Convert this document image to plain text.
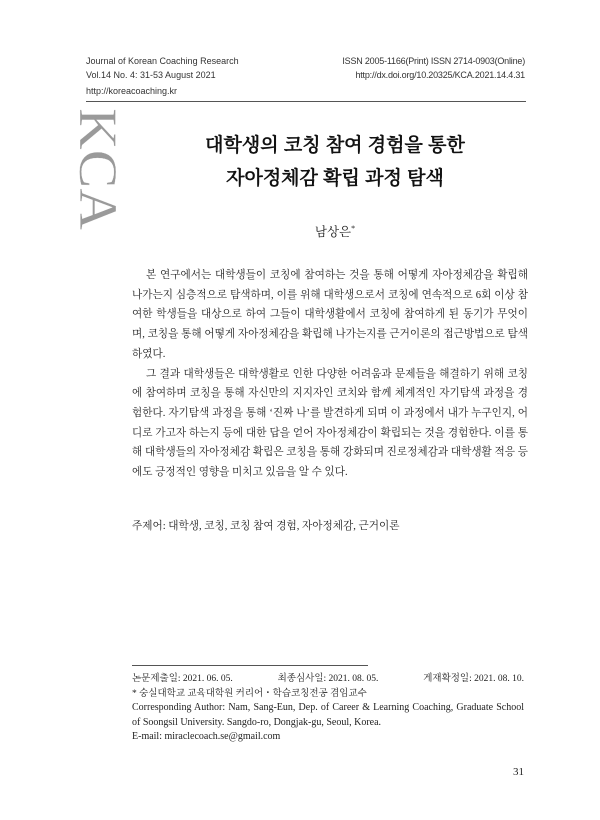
Journal of Korean Coaching Research
Vol.14 No. 4: 31-53 August 2021
ISSN 2005-1166(Print) ISSN 2714-0903(Online)
http://dx.doi.org/10.20325/KCA.2021.14.4.31
http://koreacoaching.kr
KCA	대학생의 코칭 참여 경험을 통한
자아정체감 확립 과정 탐색
남상은*

본 연구에서는 대학생들이 코칭에 참여하는 것을 통해 어떻게 자아정체감을 확립해 나가는지 심층적으로 탐색하며, 이를 위해 대학생으로서 코칭에 연속적으로 6회 이상 참여한 학생들을 대상으로 하여 그들이 대학생활에서 코칭에 참여하게 된 동기가 무엇이며, 코칭을 통해 어떻게 자아정체감을 확립해 나가는지를 근거이론의 접근방법으로 탐색하였다.

그 결과 대학생들은 대학생활로 인한 다양한 어려움과 문제들을 해결하기 위해 코칭에 참여하며 코칭을 통해 자신만의 지지자인 코치와 함께 체계적인 자기탐색 과정을 경험한다. 자기탐색 과정을 통해 ‘진짜 나’를 발견하게 되며 이 과정에서 내가 누구인지, 어디로 가고자 하는지 등에 대한 답을 얻어 자아정체감이 확립되는 것을 경험한다. 이를 통해 대학생들의 자아정체감 확립은 코칭을 통해 강화되며 진로정체감과 대학생활 적응 등에도 긍정적인 영향을 미치고 있음을 알 수 있다.

주제어: 대학생, 코칭, 코칭 참여 경험, 자아정체감, 근거이론
논문제출일: 2021. 06. 05.	최종심사일: 2021. 08. 05.	게재확정일: 2021. 08. 10.
* 숭실대학교 교육대학원 커리어・학습코칭전공 겸임교수
Corresponding Author: Nam, Sang-Eun, Dep. of Career & Learning Coaching, Graduate School of Soongsil University. Sangdo-ro, Dongjak-gu, Seoul, Korea.
E-mail: miraclecoach.se@gmail.com
31
